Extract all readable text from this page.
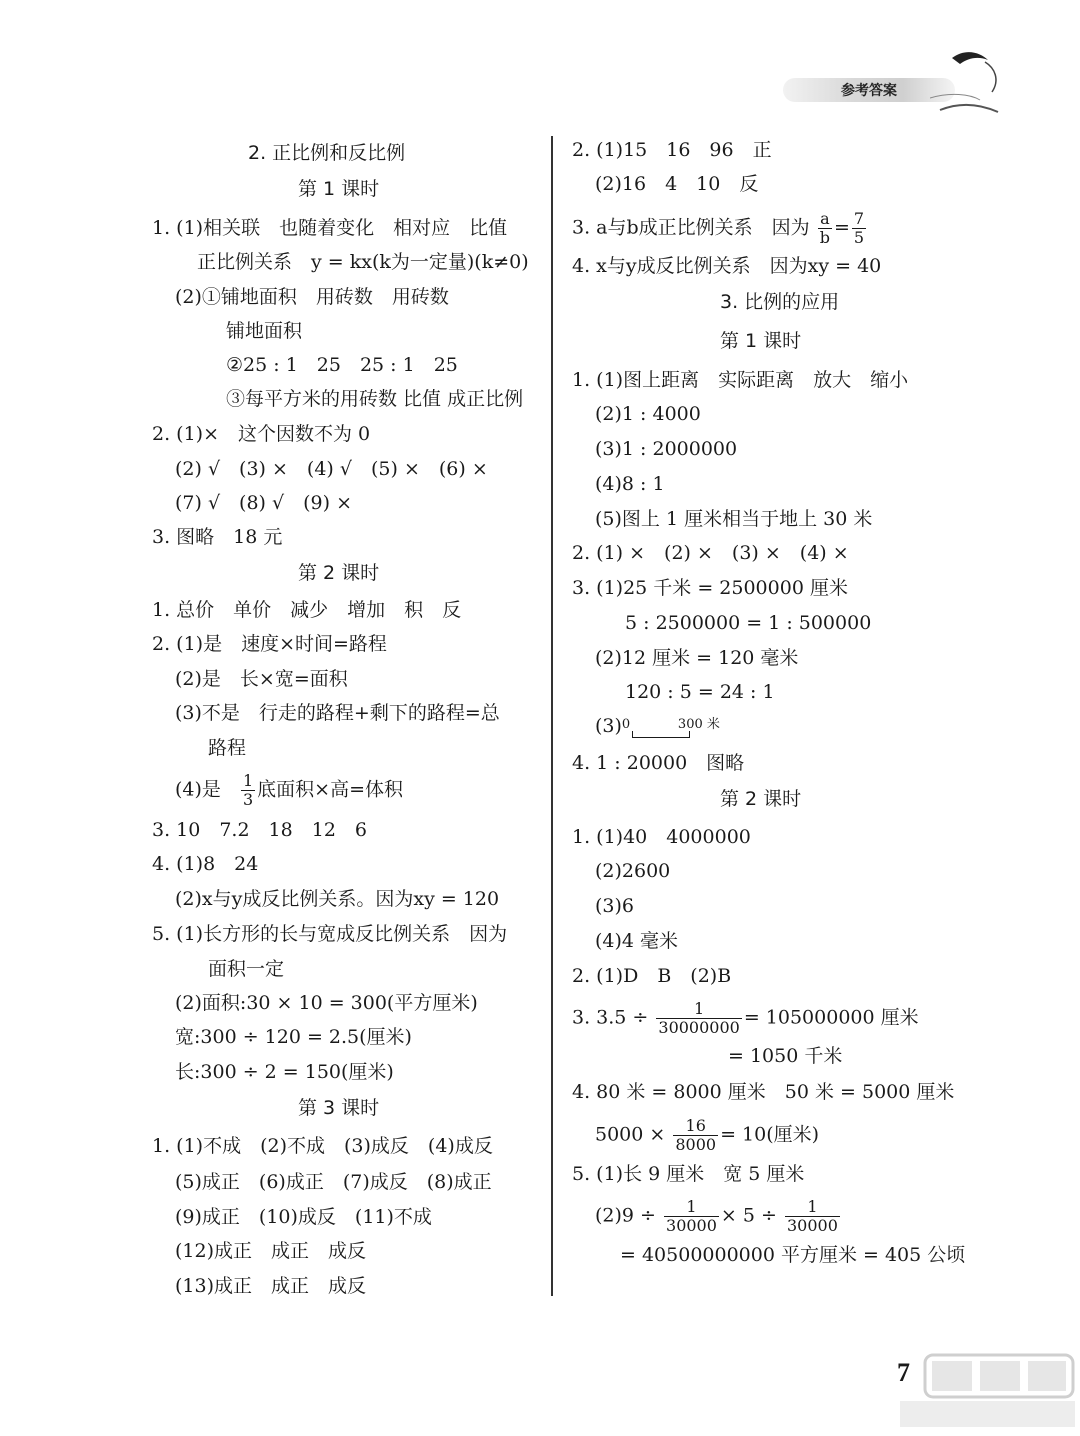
参考答案
2. 正比例和反比例
第 1 课时
1. (1)相关联　也随着变化　相对应　比值
正比例关系　y = kx(k为一定量)(k≠0)
(2)①铺地面积　用砖数　用砖数
铺地面积
②25 : 1　25　25 : 1　25
③每平方米的用砖数 比值 成正比例
2. (1)×　这个因数不为 0
(2) √　(3) ×　(4) √　(5) ×　(6) ×
(7) √　(8) √　(9) ×
3. 图略　18 元
第 2 课时
1. 总价　单价　减少　增加　积　反
2. (1)是　速度×时间=路程
(2)是　长×宽=面积
(3)不是　行走的路程+剩下的路程=总
路程
3. 10　7.2　18　12　6
4. (1)8　24
(2)x与y成反比例关系。因为xy = 120
5. (1)长方形的长与宽成反比例关系　因为
面积一定
(2)面积:30 × 10 = 300(平方厘米)
宽:300 ÷ 120 = 2.5(厘米)
长:300 ÷ 2 = 150(厘米)
第 3 课时
1. (1)不成　(2)不成　(3)成反　(4)成反
(5)成正　(6)成正　(7)成反　(8)成正
(9)成正　(10)成反　(11)不成
(12)成正　成正　成反
(13)成正　成正　成反
2. (1)15　16　96　正
(2)16　4　10　反
4. x与y成反比例关系　因为xy = 40
3. 比例的应用
第 1 课时
1. (1)图上距离　实际距离　放大　缩小
(2)1 : 4000
(3)1 : 2000000
(4)8 : 1
(5)图上 1 厘米相当于地上 30 米
2. (1) ×　(2) ×　(3) ×　(4) ×
3. (1)25 千米 = 2500000 厘米
5 : 2500000 = 1 : 500000
(2)12 厘米 = 120 毫米
120 : 5 = 24 : 1
4. 1 : 20000　图略
第 2 课时
1. (1)40　4000000
(2)2600
(3)6
(4)4 毫米
2. (1)D　B　(2)B
= 1050 千米
4. 80 米 = 8000 厘米　50 米 = 5000 厘米
5. (1)长 9 厘米　宽 5 厘米
= 40500000000 平方厘米 = 405 公顷
(4)是 $\frac{1}{3}$ 底面积×高=体积
3. a与b成正比例关系　因为 $\frac{a}{b} = \frac{7}{5}$
(3) 0	300 米
3. $3.5 \div \frac{1}{30000000} = 105000000$ 厘米
$5000 \times \frac{16}{8000} = 10$(厘米)
$(2)9 \div \frac{1}{30000} \times 5 \div \frac{1}{30000}$
7
